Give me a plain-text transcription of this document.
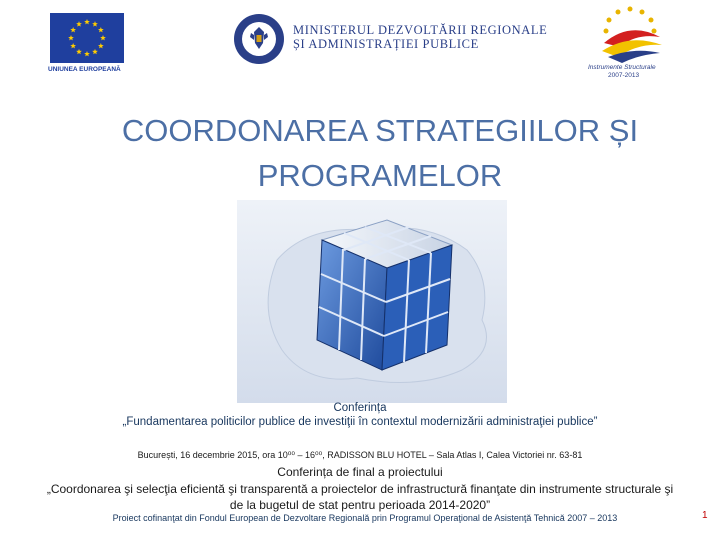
UNIUNEA EUROPEANĂ
MINISTERUL DEZVOLTĂRII REGIONALE
ȘI ADMINISTRAȚIEI PUBLICE
Instrumente Structurale
2007-2013
COORDONAREA STRATEGIILOR ȘI
PROGRAMELOR
Conferința
„Fundamentarea politicilor publice de investiţii în contextul modernizării administraţiei publice”
București, 16 decembrie 2015, ora 10⁰⁰ – 16⁰⁰, RADISSON BLU HOTEL – Sala Atlas I, Calea Victoriei nr. 63-81
Conferința de final a proiectului
„Coordonarea şi selecţia eficientă şi transparentă a proiectelor de infrastructură finanţate din instrumente structurale şi de la bugetul de stat pentru perioada 2014-2020”
Proiect cofinanţat din Fondul European de Dezvoltare Regională prin Programul Operaţional de Asistenţă Tehnică 2007 – 2013	1
